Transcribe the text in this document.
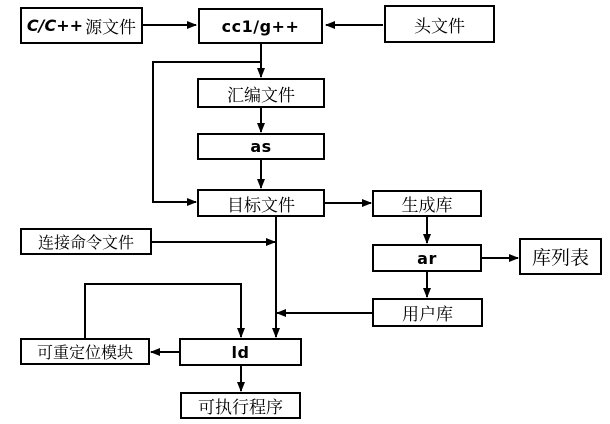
C/C++ 源文件	cc1/g++	头文件
汇编文件
as
目标文件	生成库
连接命令文件
ar	库列表
用户库
可重定位模块	ld
可执行程序
